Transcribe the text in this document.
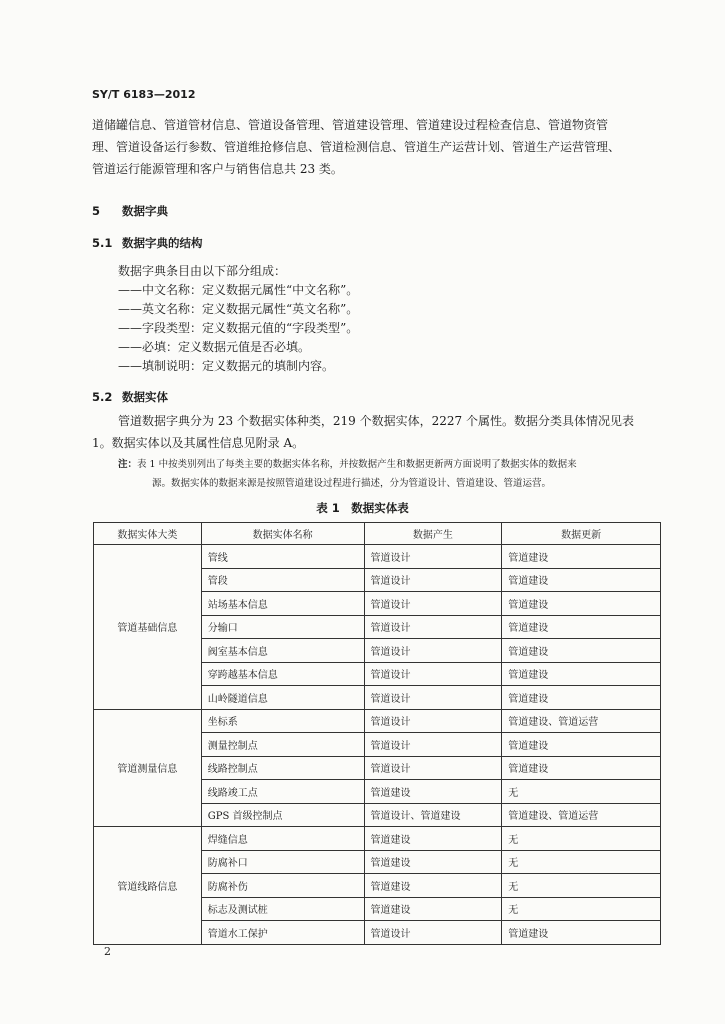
SY/T 6183—2012
道储罐信息、管道管材信息、管道设备管理、管道建设管理、管道建设过程检查信息、管道物资管
理、管道设备运行参数、管道维抢修信息、管道检测信息、管道生产运营计划、管道生产运营管理、
管道运行能源管理和客户与销售信息共 23 类。
5 数据字典
5.1 数据字典的结构
数据字典条目由以下部分组成：
——中文名称：定义数据元属性“中文名称”。
——英文名称：定义数据元属性“英文名称”。
——字段类型：定义数据元值的“字段类型”。
——必填：定义数据元值是否必填。
——填制说明：定义数据元的填制内容。
5.2 数据实体
管道数据字典分为 23 个数据实体种类，219 个数据实体，2227 个属性。数据分类具体情况见表
1。数据实体以及其属性信息见附录 A。
注：表 1 中按类别列出了每类主要的数据实体名称，并按数据产生和数据更新两方面说明了数据实体的数据来
源。数据实体的数据来源是按照管道建设过程进行描述，分为管道设计、管道建设、管道运营。
表 1　数据实体表
数据实体大类	数据实体名称	数据产生	数据更新
管道基础信息	管线	管道设计	管道建设
	管段	管道设计	管道建设
	站场基本信息	管道设计	管道建设
	分输口	管道设计	管道建设
	阀室基本信息	管道设计	管道建设
	穿跨越基本信息	管道设计	管道建设
	山岭隧道信息	管道设计	管道建设
管道测量信息	坐标系	管道设计	管道建设、管道运营
	测量控制点	管道设计	管道建设
	线路控制点	管道设计	管道建设
	线路竣工点	管道建设	无
	GPS 首级控制点	管道设计、管道建设	管道建设、管道运营
管道线路信息	焊缝信息	管道建设	无
	防腐补口	管道建设	无
	防腐补伤	管道建设	无
	标志及测试桩	管道建设	无
	管道水工保护	管道设计	管道建设
2
